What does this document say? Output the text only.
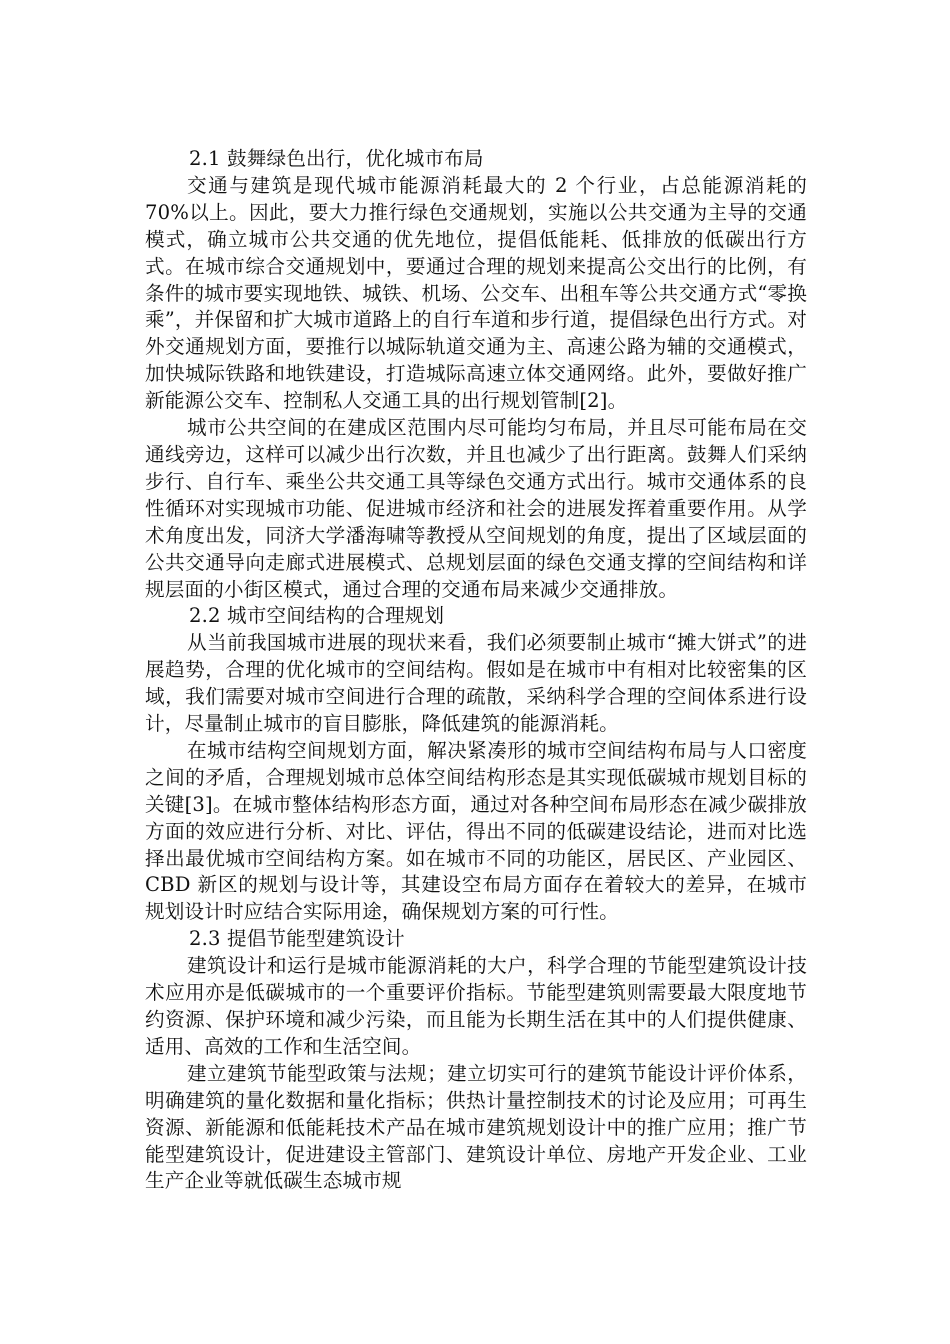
2.1 鼓舞绿色出行，优化城市布局

交通与建筑是现代城市能源消耗最大的 2 个行业，占总能源消耗的 70%以上。因此，要大力推行绿色交通规划，实施以公共交通为主导的交通模式，确立城市公共交通的优先地位，提倡低能耗、低排放的低碳出行方式。在城市综合交通规划中，要通过合理的规划来提高公交出行的比例，有条件的城市要实现地铁、城铁、机场、公交车、出租车等公共交通方式“零换乘”，并保留和扩大城市道路上的自行车道和步行道，提倡绿色出行方式。对外交通规划方面，要推行以城际轨道交通为主、高速公路为辅的交通模式，加快城际铁路和地铁建设，打造城际高速立体交通网络。此外，要做好推广新能源公交车、控制私人交通工具的出行规划管制[2]。

城市公共空间的在建成区范围内尽可能均匀布局，并且尽可能布局在交通线旁边，这样可以减少出行次数，并且也减少了出行距离。鼓舞人们采纳步行、自行车、乘坐公共交通工具等绿色交通方式出行。城市交通体系的良性循环对实现城市功能、促进城市经济和社会的进展发挥着重要作用。从学术角度出发，同济大学潘海啸等教授从空间规划的角度，提出了区域层面的公共交通导向走廊式进展模式、总规划层面的绿色交通支撑的空间结构和详规层面的小街区模式，通过合理的交通布局来减少交通排放。

2.2 城市空间结构的合理规划

从当前我国城市进展的现状来看，我们必须要制止城市“摊大饼式”的进展趋势，合理的优化城市的空间结构。假如是在城市中有相对比较密集的区域，我们需要对城市空间进行合理的疏散，采纳科学合理的空间体系进行设计，尽量制止城市的盲目膨胀，降低建筑的能源消耗。

在城市结构空间规划方面，解决紧凑形的城市空间结构布局与人口密度之间的矛盾，合理规划城市总体空间结构形态是其实现低碳城市规划目标的关键[3]。在城市整体结构形态方面，通过对各种空间布局形态在减少碳排放方面的效应进行分析、对比、评估，得出不同的低碳建设结论，进而对比选择出最优城市空间结构方案。如在城市不同的功能区，居民区、产业园区、CBD 新区的规划与设计等，其建设空布局方面存在着较大的差异，在城市规划设计时应结合实际用途，确保规划方案的可行性。

2.3 提倡节能型建筑设计

建筑设计和运行是城市能源消耗的大户，科学合理的节能型建筑设计技术应用亦是低碳城市的一个重要评价指标。节能型建筑则需要最大限度地节约资源、保护环境和减少污染，而且能为长期生活在其中的人们提供健康、适用、高效的工作和生活空间。

建立建筑节能型政策与法规；建立切实可行的建筑节能设计评价体系，明确建筑的量化数据和量化指标；供热计量控制技术的讨论及应用；可再生资源、新能源和低能耗技术产品在城市建筑规划设计中的推广应用；推广节能型建筑设计，促进建设主管部门、建筑设计单位、房地产开发企业、工业生产企业等就低碳生态城市规
